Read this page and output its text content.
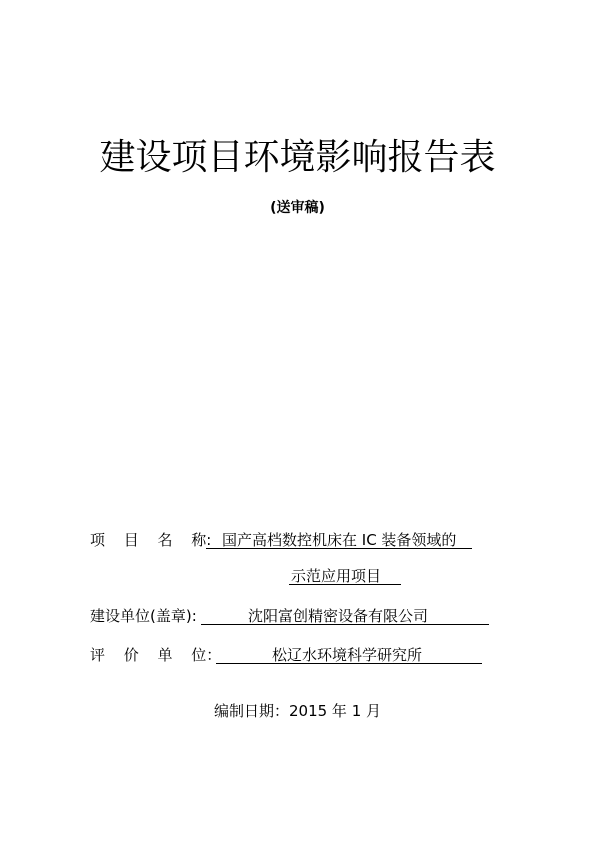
建设项目环境影响报告表
(送审稿)
项 目 名 称: 国产高档数控机床在 IC 装备领域的
示范应用项目
建设单位(盖章):	沈阳富创精密设备有限公司
评 价 单 位：	松辽水环境科学研究所
编制日期：2015 年 1 月
